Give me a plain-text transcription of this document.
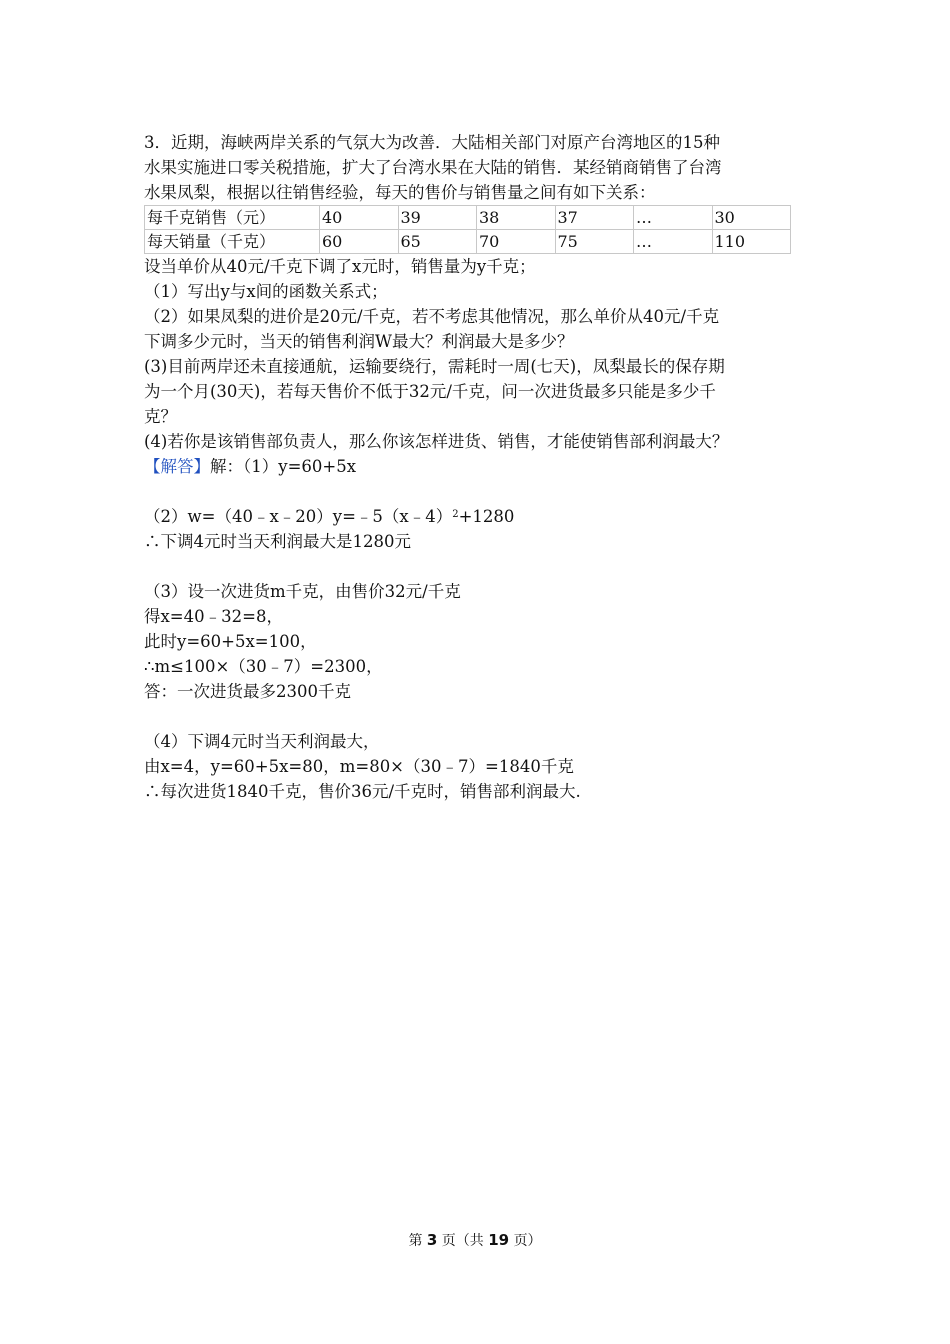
3．近期，海峡两岸关系的气氛大为改善．大陆相关部门对原产台湾地区的15种
水果实施进口零关税措施，扩大了台湾水果在大陆的销售．某经销商销售了台湾
水果凤梨，根据以往销售经验，每天的售价与销售量之间有如下关系：
每千克销售（元）	40	39	38	37	…	30
每天销量（千克）	60	65	70	75	…	110
设当单价从40元/千克下调了x元时，销售量为y千克；
（1）写出y与x间的函数关系式；
（2）如果凤梨的进价是20元/千克，若不考虑其他情况，那么单价从40元/千克
下调多少元时，当天的销售利润W最大？利润最大是多少？
(3)目前两岸还未直接通航，运输要绕行，需耗时一周(七天)，凤梨最长的保存期
为一个月(30天)，若每天售价不低于32元/千克，问一次进货最多只能是多少千
克？
(4)若你是该销售部负责人，那么你该怎样进货、销售，才能使销售部利润最大？
【解答】解：（1）y=60+5x
（2）w=（40﹣x﹣20）y=﹣5（x﹣4）$^2$+1280
∴下调4元时当天利润最大是1280元
（3）设一次进货m千克，由售价32元/千克
得x=40﹣32=8，
此时y=60+5x=100，
∴m≤100×（30﹣7）=2300，
答：一次进货最多2300千克
（4）下调4元时当天利润最大，
由x=4，y=60+5x=80，m=80×（30﹣7）=1840千克
∴每次进货1840千克，售价36元/千克时，销售部利润最大.
第 3 页（共 19 页）
